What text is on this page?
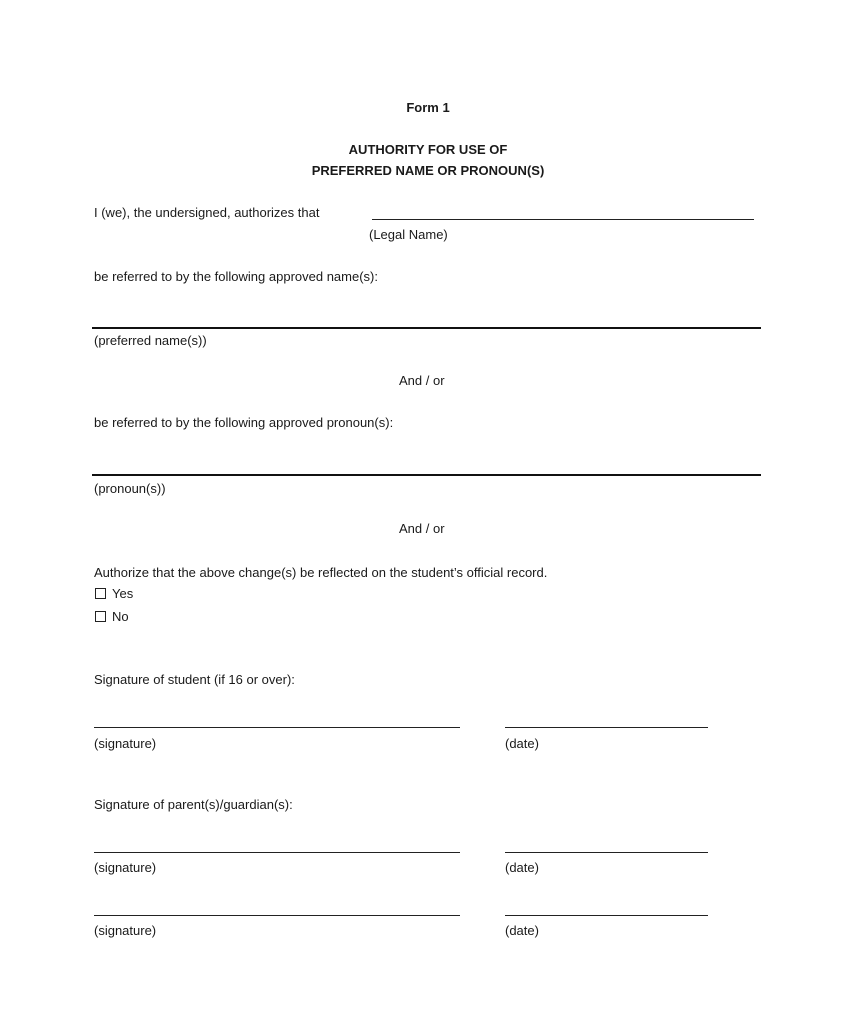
Form 1
AUTHORITY FOR USE OF
PREFERRED NAME OR PRONOUN(S)
I (we), the undersigned, authorizes that
(Legal Name)
be referred to by the following approved name(s):
(preferred name(s))
And / or
be referred to by the following approved pronoun(s):
(pronoun(s))
And / or
Authorize that the above change(s) be reflected on the student’s official record.
Yes
No
Signature of student (if 16 or over):
(signature)	(date)
Signature of parent(s)/guardian(s):
(signature)	(date)
(signature)	(date)
